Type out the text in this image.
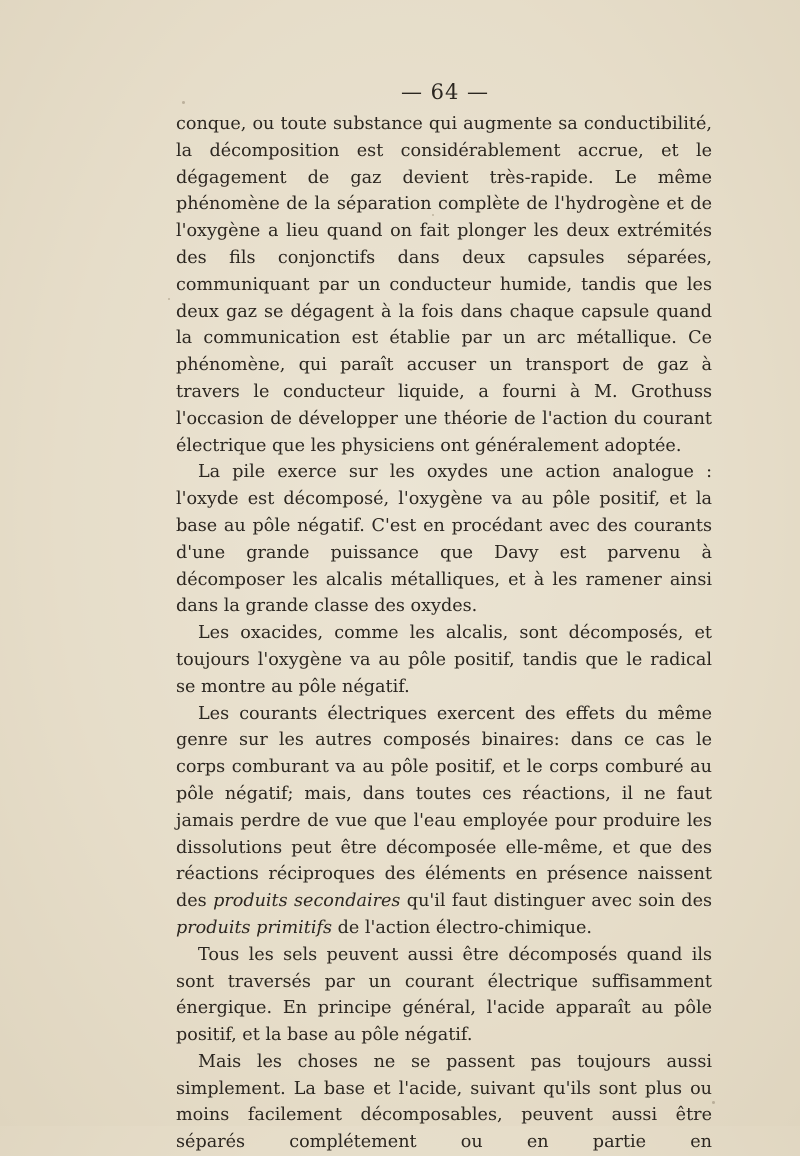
— 64 —

conque, ou toute substance qui augmente sa conductibilité, la décomposition est considérablement accrue, et le dégagement de gaz devient très-rapide. Le même phénomène de la séparation complète de l'hydrogène et de l'oxygène a lieu quand on fait plonger les deux extrémités des fils conjonctifs dans deux capsules séparées, communiquant par un conducteur humide, tandis que les deux gaz se dégagent à la fois dans chaque capsule quand la communication est établie par un arc métallique. Ce phénomène, qui paraît accuser un transport de gaz à travers le conducteur liquide, a fourni à M. Grothuss l'occasion de développer une théorie de l'action du courant électrique que les physiciens ont généralement adoptée.

La pile exerce sur les oxydes une action analogue : l'oxyde est décomposé, l'oxygène va au pôle positif, et la base au pôle négatif. C'est en procédant avec des courants d'une grande puissance que Davy est parvenu à décomposer les alcalis métalliques, et à les ramener ainsi dans la grande classe des oxydes.

Les oxacides, comme les alcalis, sont décomposés, et toujours l'oxygène va au pôle positif, tandis que le radical se montre au pôle négatif.

Les courants électriques exercent des effets du même genre sur les autres composés binaires: dans ce cas le corps comburant va au pôle positif, et le corps comburé au pôle négatif; mais, dans toutes ces réactions, il ne faut jamais perdre de vue que l'eau employée pour produire les dissolutions peut être décomposée elle-même, et que des réactions réciproques des éléments en présence naissent des produits secondaires qu'il faut distinguer avec soin des produits primitifs de l'action électro-chimique.

Tous les sels peuvent aussi être décomposés quand ils sont traversés par un courant électrique suffisamment énergique. En principe général, l'acide apparaît au pôle positif, et la base au pôle négatif.

Mais les choses ne se passent pas toujours aussi simplement. La base et l'acide, suivant qu'ils sont plus ou moins facilement décomposables, peuvent aussi être séparés complétement ou en partie en
